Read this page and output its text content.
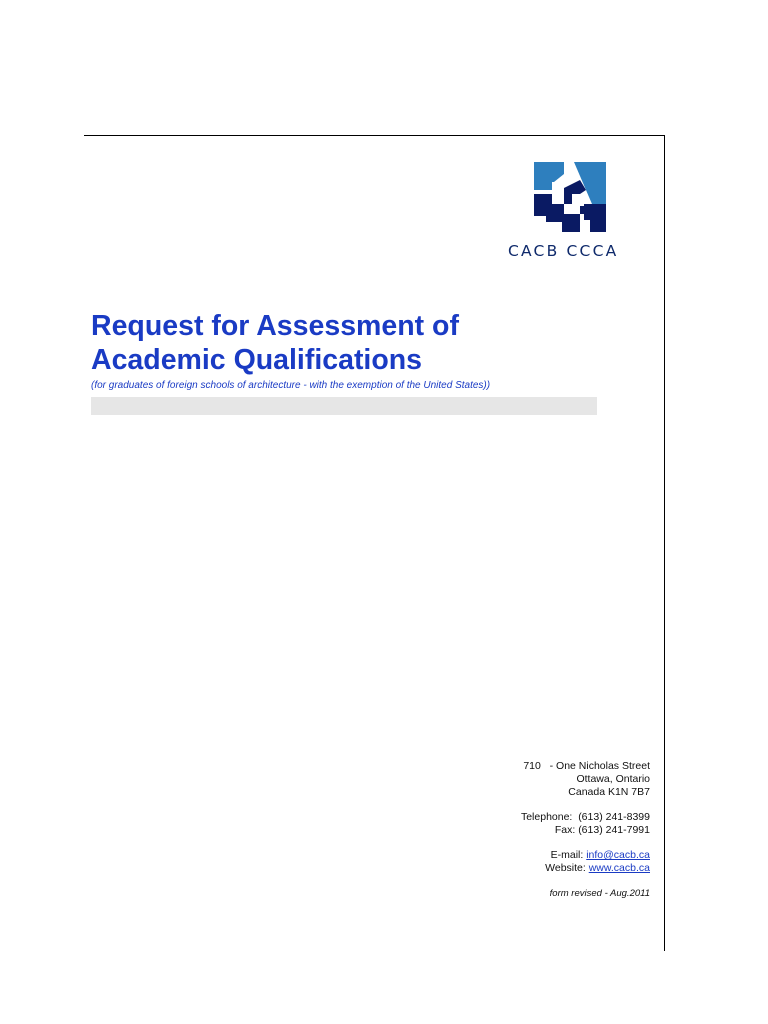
CACB CCCA
Request for Assessment of
Academic Qualifications
(for graduates of foreign schools of architecture - with the exemption of the United States))
710   - One Nicholas Street
Ottawa, Ontario
Canada K1N 7B7
Telephone:  (613) 241-8399
Fax: (613) 241-7991
E-mail: info@cacb.ca
Website: www.cacb.ca
form revised - Aug.2011
